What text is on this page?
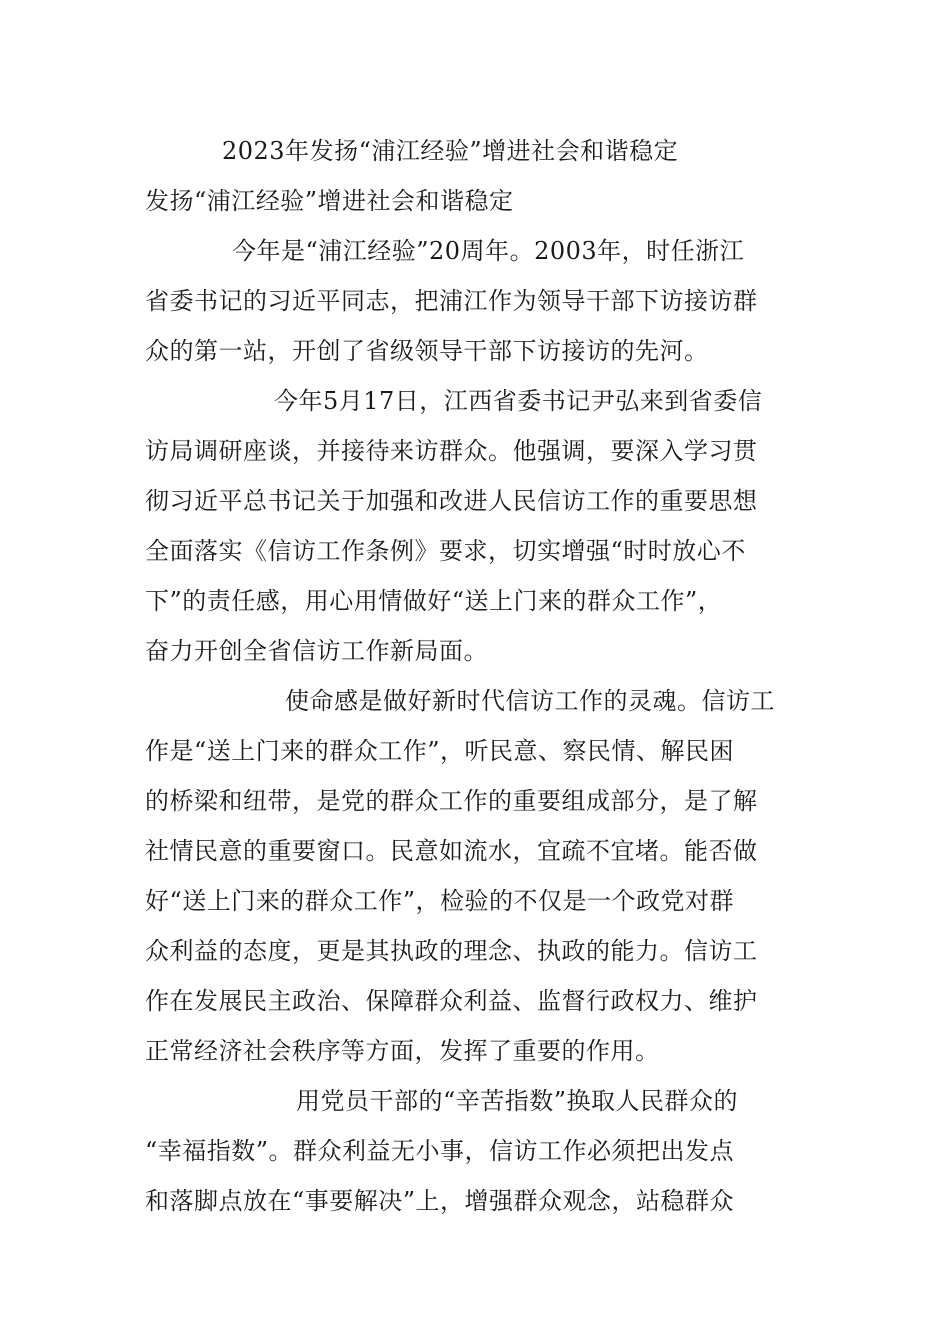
2023年发扬“浦江经验”增进社会和谐稳定
发扬“浦江经验”增进社会和谐稳定
今年是“浦江经验”20周年。2003年，时任浙江
省委书记的习近平同志，把浦江作为领导干部下访接访群
众的第一站，开创了省级领导干部下访接访的先河。
今年5月17日，江西省委书记尹弘来到省委信
访局调研座谈，并接待来访群众。他强调，要深入学习贯
彻习近平总书记关于加强和改进人民信访工作的重要思想
全面落实《信访工作条例》要求，切实增强“时时放心不
下”的责任感，用心用情做好“送上门来的群众工作”，
奋力开创全省信访工作新局面。
使命感是做好新时代信访工作的灵魂。信访工
作是“送上门来的群众工作”，听民意、察民情、解民困
的桥梁和纽带，是党的群众工作的重要组成部分，是了解
社情民意的重要窗口。民意如流水，宜疏不宜堵。能否做
好“送上门来的群众工作”，检验的不仅是一个政党对群
众利益的态度，更是其执政的理念、执政的能力。信访工
作在发展民主政治、保障群众利益、监督行政权力、维护
正常经济社会秩序等方面，发挥了重要的作用。
用党员干部的“辛苦指数”换取人民群众的
“幸福指数”。群众利益无小事，信访工作必须把出发点
和落脚点放在“事要解决”上，增强群众观念，站稳群众
